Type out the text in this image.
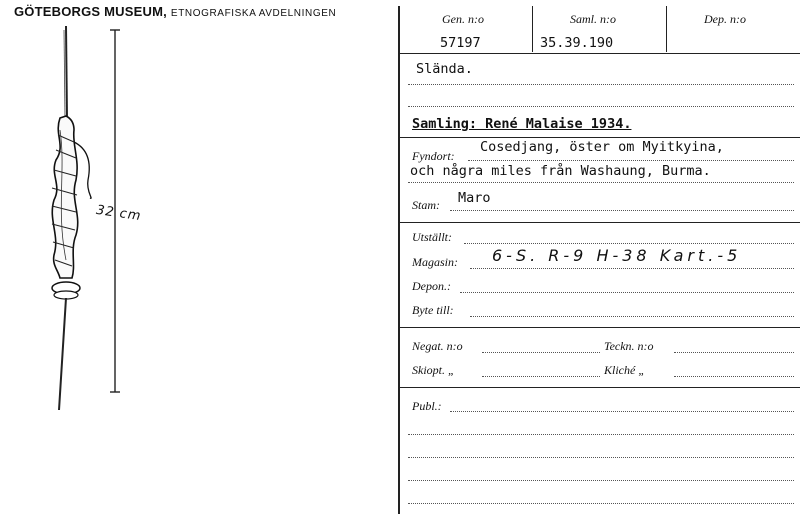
GÖTEBORGS MUSEUM, ETNOGRAFISKA AVDELNINGEN
32 cm
Gen. n:o	Saml. n:o	Dep. n:o
57197	35.39.190
Slända.
Samling: René Malaise 1934.
Fyndort:
Cosedjang, öster om Myitkyina,
och några miles från Washaung, Burma.
Stam: Maro
Utställt:
Magasin: 6-S. R-9 H-38 Kart.-5
Depon.:
Byte till:
Negat. n:o	Teckn. n:o
Skiopt. „	Kliché „
Publ.:
